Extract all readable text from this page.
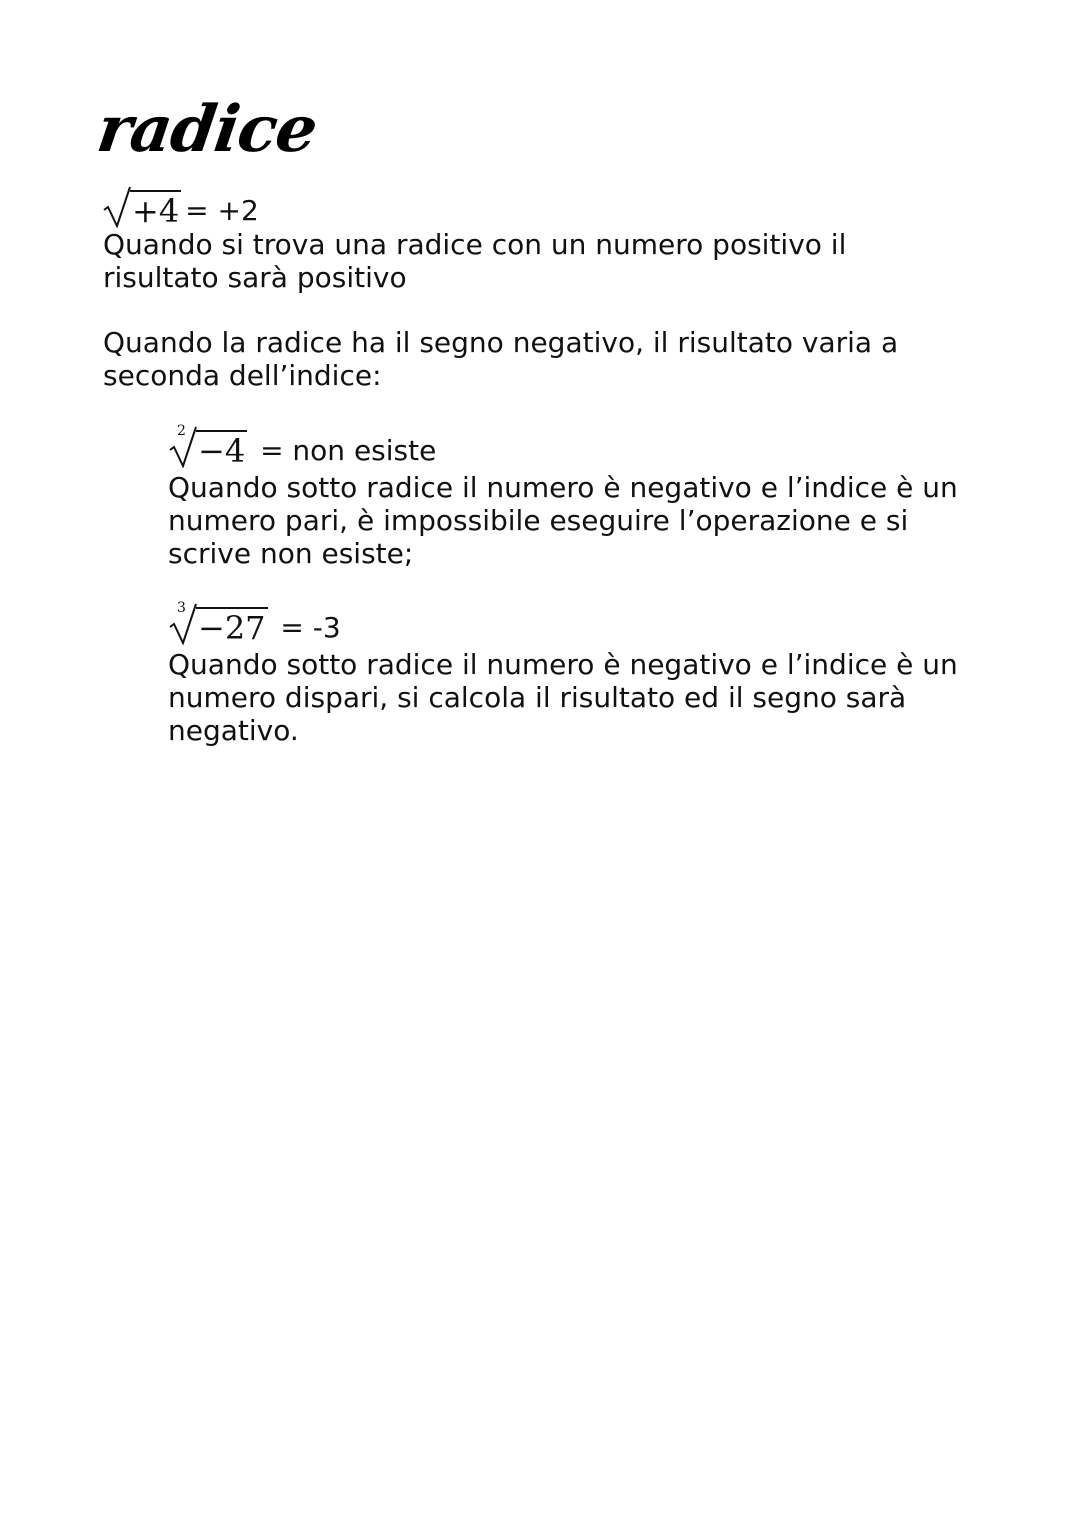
radice
+4 = +2

Quando si trova una radice con un numero positivo il risultato sarà positivo

Quando la radice ha il segno negativo, il risultato varia a seconda dell’indice:

2
−4 = non esiste

Quando sotto radice il numero è negativo e l’indice è un numero pari, è impossibile eseguire l’operazione e si scrive non esiste;

3
−27 = -3

Quando sotto radice il numero è negativo e l’indice è un numero dispari, si calcola il risultato ed il segno sarà negativo.
